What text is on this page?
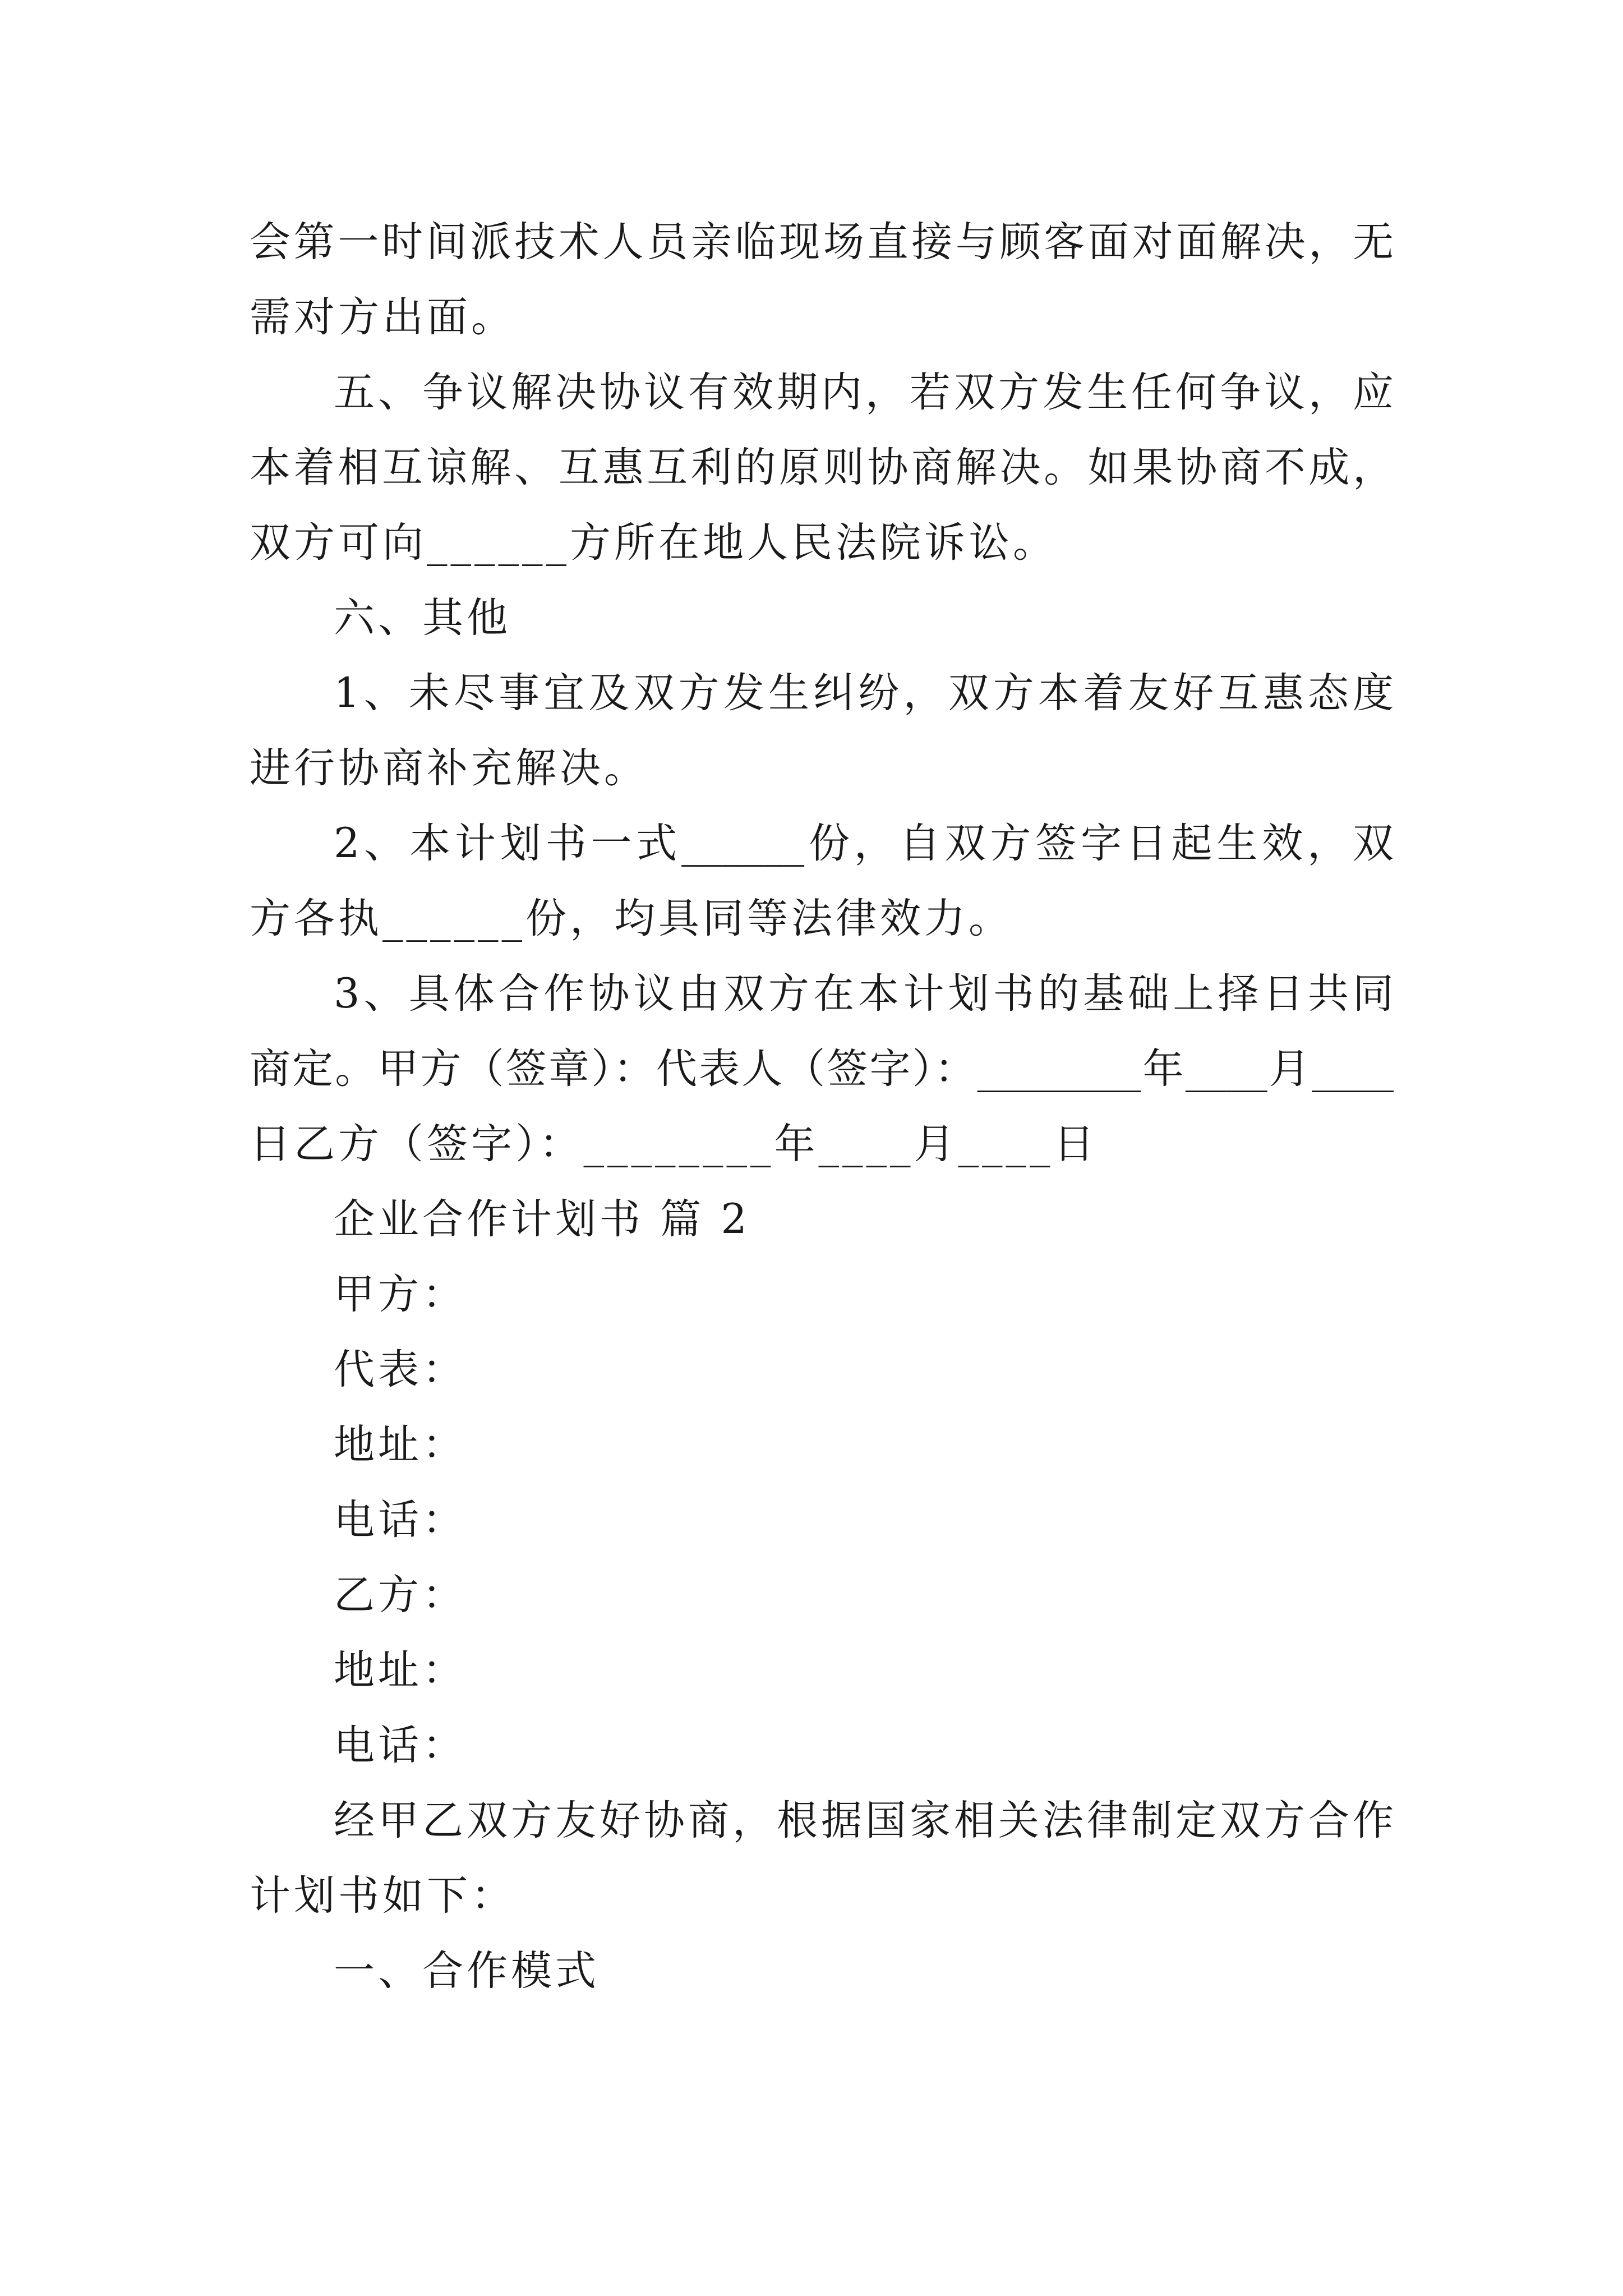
会第一时间派技术人员亲临现场直接与顾客面对面解决，无
需对方出面。
五、争议解决协议有效期内，若双方发生任何争议，应
本着相互谅解、互惠互利的原则协商解决。如果协商不成，
双方可向______方所在地人民法院诉讼。
六、其他
1、未尽事宜及双方发生纠纷，双方本着友好互惠态度
进行协商补充解决。
2、本计划书一式______份，自双方签字日起生效，双
方各执______份，均具同等法律效力。
3、具体合作协议由双方在本计划书的基础上择日共同
商定。甲方（签章）：代表人（签字）：________年____月____
日乙方（签字）：________年____月____日
企业合作计划书 篇 2
甲方：
代表：
地址：
电话：
乙方：
地址：
电话：
经甲乙双方友好协商，根据国家相关法律制定双方合作
计划书如下：
一、合作模式
